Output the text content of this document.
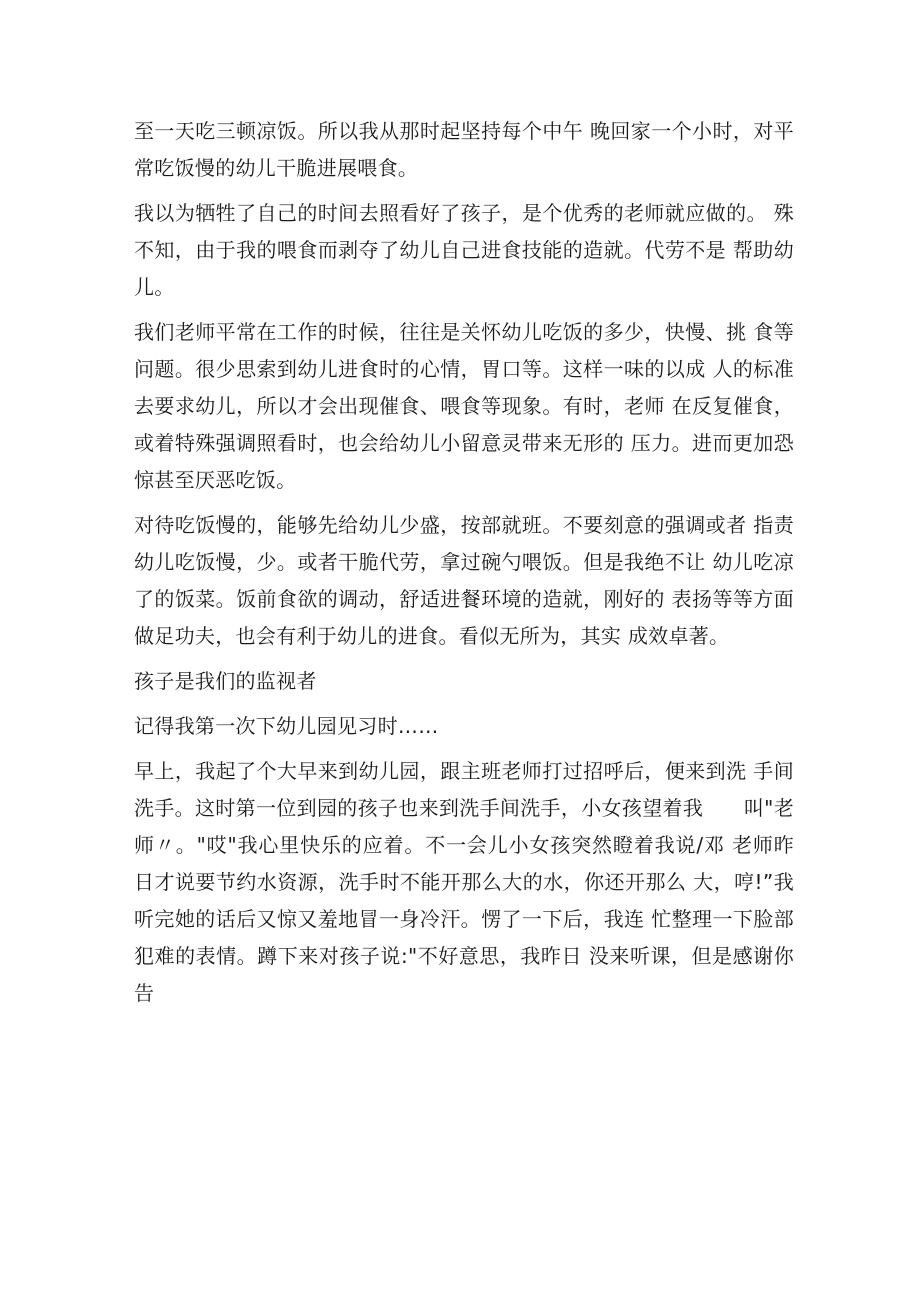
至一天吃三顿凉饭。所以我从那时起坚持每个中午 晚回家一个小时，对平常吃饭慢的幼儿干脆进展喂食。

我以为牺牲了自己的时间去照看好了孩子，是个优秀的老师就应做的。 殊不知，由于我的喂食而剥夺了幼儿自己进食技能的造就。代劳不是 帮助幼儿。

我们老师平常在工作的时候，往往是关怀幼儿吃饭的多少，快慢、挑 食等问题。很少思索到幼儿进食时的心情，胃口等。这样一味的以成 人的标准去要求幼儿，所以才会出现催食、喂食等现象。有时，老师 在反复催食，或着特殊强调照看时，也会给幼儿小留意灵带来无形的 压力。进而更加恐惊甚至厌恶吃饭。

对待吃饭慢的，能够先给幼儿少盛，按部就班。不要刻意的强调或者 指责幼儿吃饭慢，少。或者干脆代劳，拿过碗勺喂饭。但是我绝不让 幼儿吃凉了的饭菜。饭前食欲的调动，舒适进餐环境的造就，刚好的 表扬等等方面做足功夫，也会有利于幼儿的进食。看似无所为，其实 成效卓著。

孩子是我们的监视者

记得我第一次下幼儿园见习时……

早上，我起了个大早来到幼儿园，跟主班老师打过招呼后，便来到洗 手间洗手。这时第一位到园的孩子也来到洗手间洗手，小女孩望着我　　叫"老师〃。"哎"我心里快乐的应着。不一会儿小女孩突然瞪着我说/邓 老师昨日才说要节约水资源，洗手时不能开那么大的水，你还开那么 大，哼!”我听完她的话后又惊又羞地冒一身冷汗。愣了一下后，我连 忙整理一下脸部犯难的表情。蹲下来对孩子说:"不好意思，我昨日 没来听课，但是感谢你告
